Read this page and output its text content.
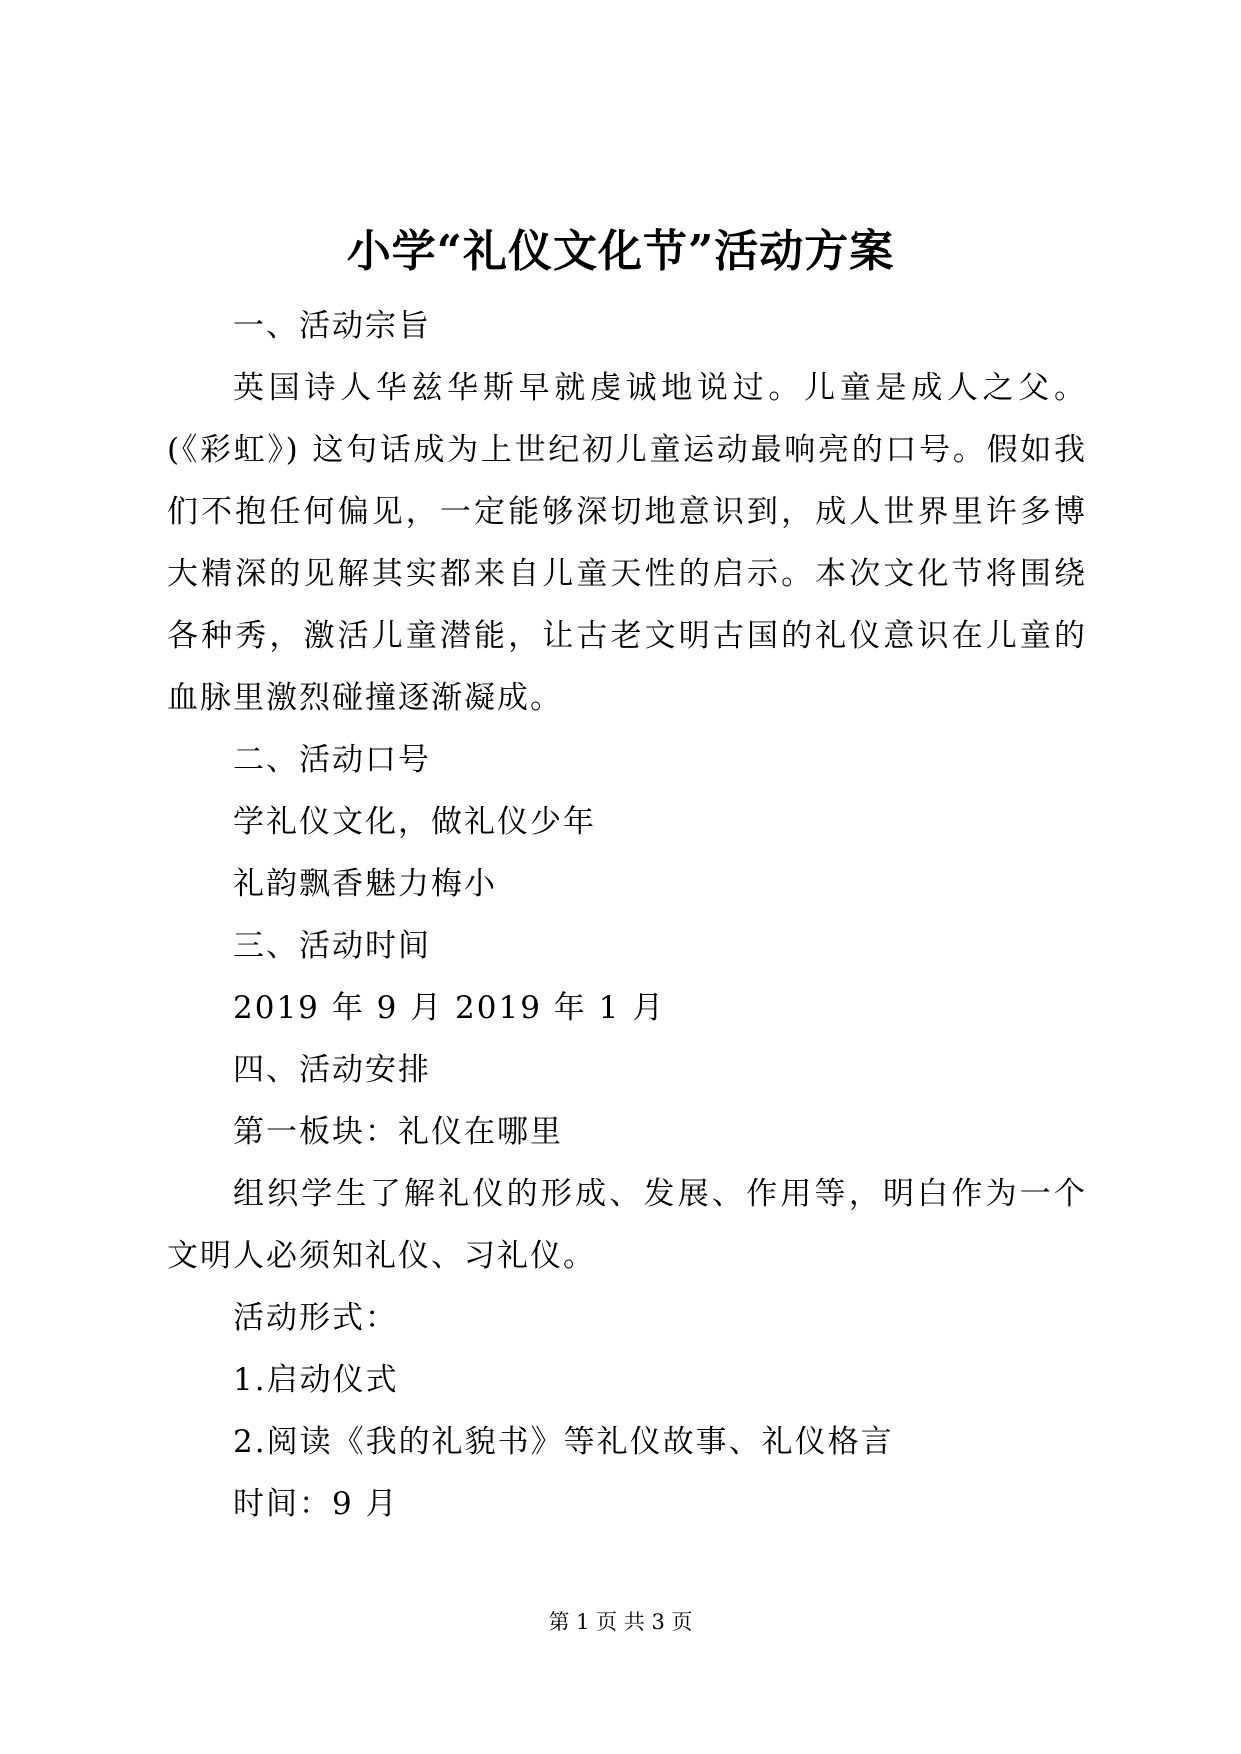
小学“礼仪文化节”活动方案

一、活动宗旨

英国诗人华兹华斯早就虔诚地说过。儿童是成人之父。(《彩虹》) 这句话成为上世纪初儿童运动最响亮的口号。假如我们不抱任何偏见，一定能够深切地意识到，成人世界里许多博大精深的见解其实都来自儿童天性的启示。本次文化节将围绕各种秀，激活儿童潜能，让古老文明古国的礼仪意识在儿童的血脉里激烈碰撞逐渐凝成。

二、活动口号

学礼仪文化，做礼仪少年

礼韵飘香魅力梅小

三、活动时间

2019 年 9 月 2019 年 1 月

四、活动安排

第一板块：礼仪在哪里

组织学生了解礼仪的形成、发展、作用等，明白作为一个文明人必须知礼仪、习礼仪。

活动形式：

1.启动仪式

2.阅读《我的礼貌书》等礼仪故事、礼仪格言

时间：9 月

第 1 页 共 3 页
